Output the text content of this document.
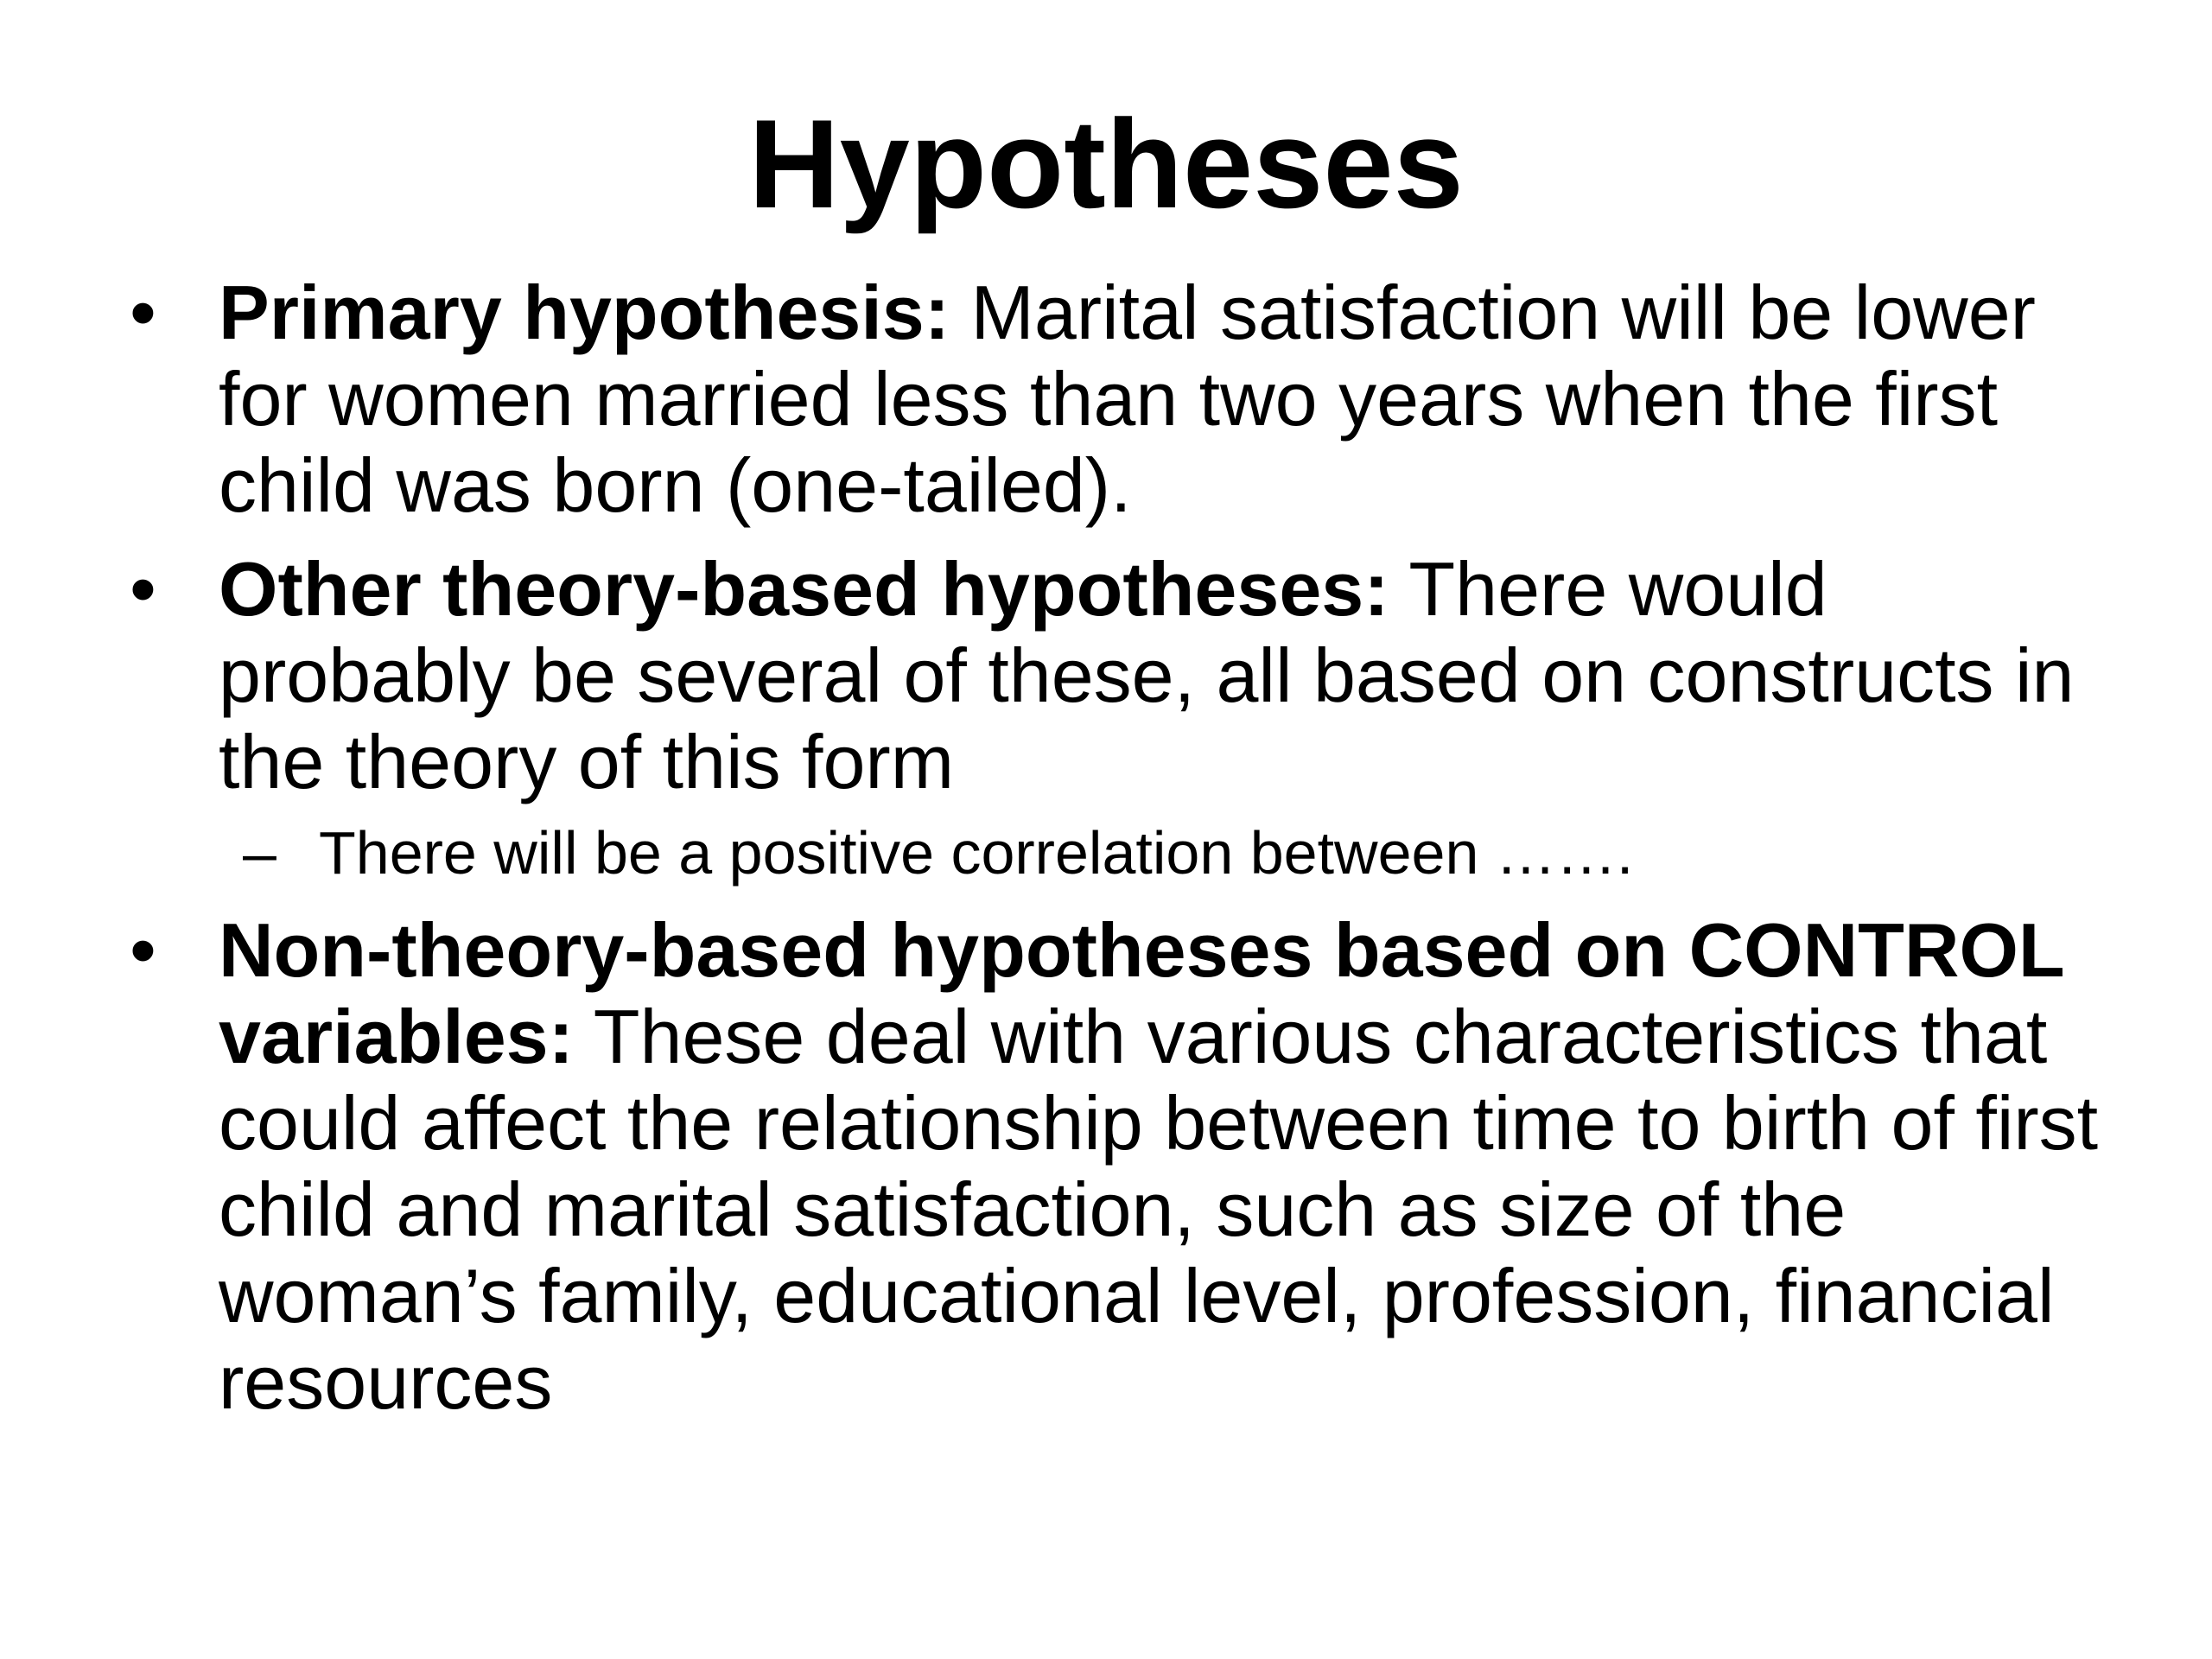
Hypotheses
• Primary hypothesis: Marital satisfaction will be lower for women married less than two years when the first child was born (one-tailed).
• Other theory-based hypotheses: There would probably be several of these, all based on constructs in the theory of this form
– There will be a positive correlation between …….
• Non-theory-based hypotheses based on CONTROL variables: These deal with various characteristics that could affect the relationship between time to birth of first child and marital satisfaction, such as size of the woman’s family, educational level, profession, financial resources
